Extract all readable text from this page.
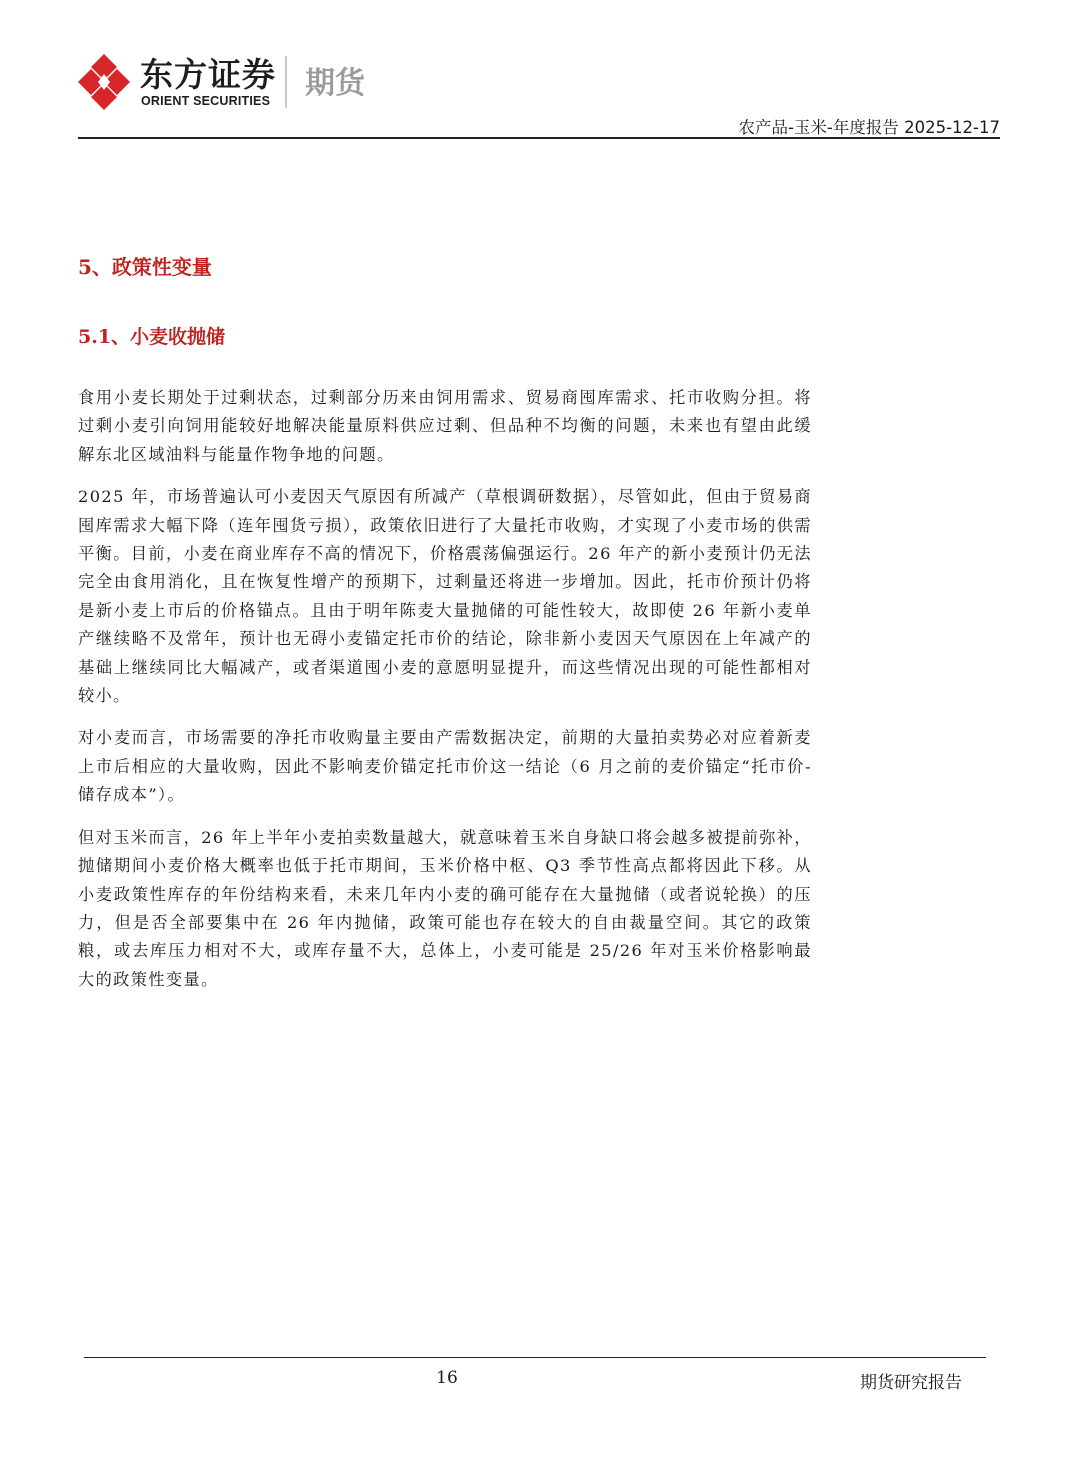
东方证券
ORIENT SECURITIES 期货
农产品-玉米-年度报告 2025-12-17
5、政策性变量
5.1、小麦收抛储

食用小麦长期处于过剩状态，过剩部分历来由饲用需求、贸易商囤库需求、托市收购分担。将过剩小麦引向饲用能较好地解决能量原料供应过剩、但品种不均衡的问题，未来也有望由此缓解东北区域油料与能量作物争地的问题。

2025 年，市场普遍认可小麦因天气原因有所减产（草根调研数据），尽管如此，但由于贸易商囤库需求大幅下降（连年囤货亏损），政策依旧进行了大量托市收购，才实现了小麦市场的供需平衡。目前，小麦在商业库存不高的情况下，价格震荡偏强运行。26 年产的新小麦预计仍无法完全由食用消化，且在恢复性增产的预期下，过剩量还将进一步增加。因此，托市价预计仍将是新小麦上市后的价格锚点。且由于明年陈麦大量抛储的可能性较大，故即使 26 年新小麦单产继续略不及常年，预计也无碍小麦锚定托市价的结论，除非新小麦因天气原因在上年减产的基础上继续同比大幅减产，或者渠道囤小麦的意愿明显提升，而这些情况出现的可能性都相对较小。

对小麦而言，市场需要的净托市收购量主要由产需数据决定，前期的大量拍卖势必对应着新麦上市后相应的大量收购，因此不影响麦价锚定托市价这一结论（6 月之前的麦价锚定“托市价-储存成本”）。

但对玉米而言，26 年上半年小麦拍卖数量越大，就意味着玉米自身缺口将会越多被提前弥补，抛储期间小麦价格大概率也低于托市期间，玉米价格中枢、Q3 季节性高点都将因此下移。从小麦政策性库存的年份结构来看，未来几年内小麦的确可能存在大量抛储（或者说轮换）的压力，但是否全部要集中在 26 年内抛储，政策可能也存在较大的自由裁量空间。其它的政策粮，或去库压力相对不大，或库存量不大，总体上，小麦可能是 25/26 年对玉米价格影响最大的政策性变量。

16	期货研究报告
